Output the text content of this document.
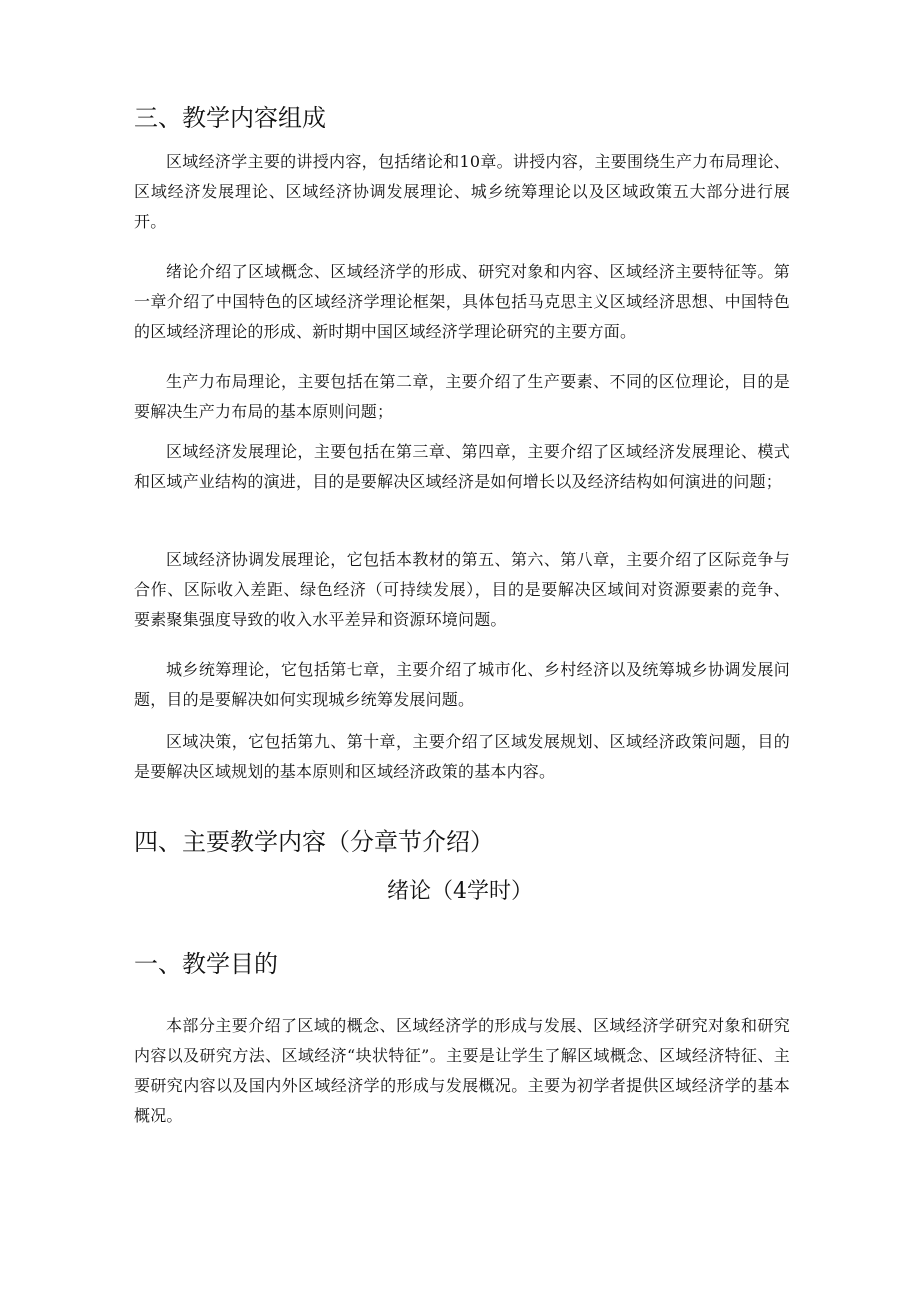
三、教学内容组成

区域经济学主要的讲授内容，包括绪论和10章。讲授内容，主要围绕生产力布局理论、区域经济发展理论、区域经济协调发展理论、城乡统筹理论以及区域政策五大部分进行展开。

绪论介绍了区域概念、区域经济学的形成、研究对象和内容、区域经济主要特征等。第一章介绍了中国特色的区域经济学理论框架，具体包括马克思主义区域经济思想、中国特色的区域经济理论的形成、新时期中国区域经济学理论研究的主要方面。

生产力布局理论，主要包括在第二章，主要介绍了生产要素、不同的区位理论，目的是要解决生产力布局的基本原则问题；

区域经济发展理论，主要包括在第三章、第四章，主要介绍了区域经济发展理论、模式和区域产业结构的演进，目的是要解决区域经济是如何增长以及经济结构如何演进的问题；

区域经济协调发展理论，它包括本教材的第五、第六、第八章，主要介绍了区际竞争与合作、区际收入差距、绿色经济（可持续发展），目的是要解决区域间对资源要素的竞争、要素聚集强度导致的收入水平差异和资源环境问题。

城乡统筹理论，它包括第七章，主要介绍了城市化、乡村经济以及统筹城乡协调发展问题，目的是要解决如何实现城乡统筹发展问题。

区域决策，它包括第九、第十章，主要介绍了区域发展规划、区域经济政策问题，目的是要解决区域规划的基本原则和区域经济政策的基本内容。

四、主要教学内容（分章节介绍）
绪论（4学时）
一、教学目的

本部分主要介绍了区域的概念、区域经济学的形成与发展、区域经济学研究对象和研究内容以及研究方法、区域经济“块状特征”。主要是让学生了解区域概念、区域经济特征、主要研究内容以及国内外区域经济学的形成与发展概况。主要为初学者提供区域经济学的基本概况。
